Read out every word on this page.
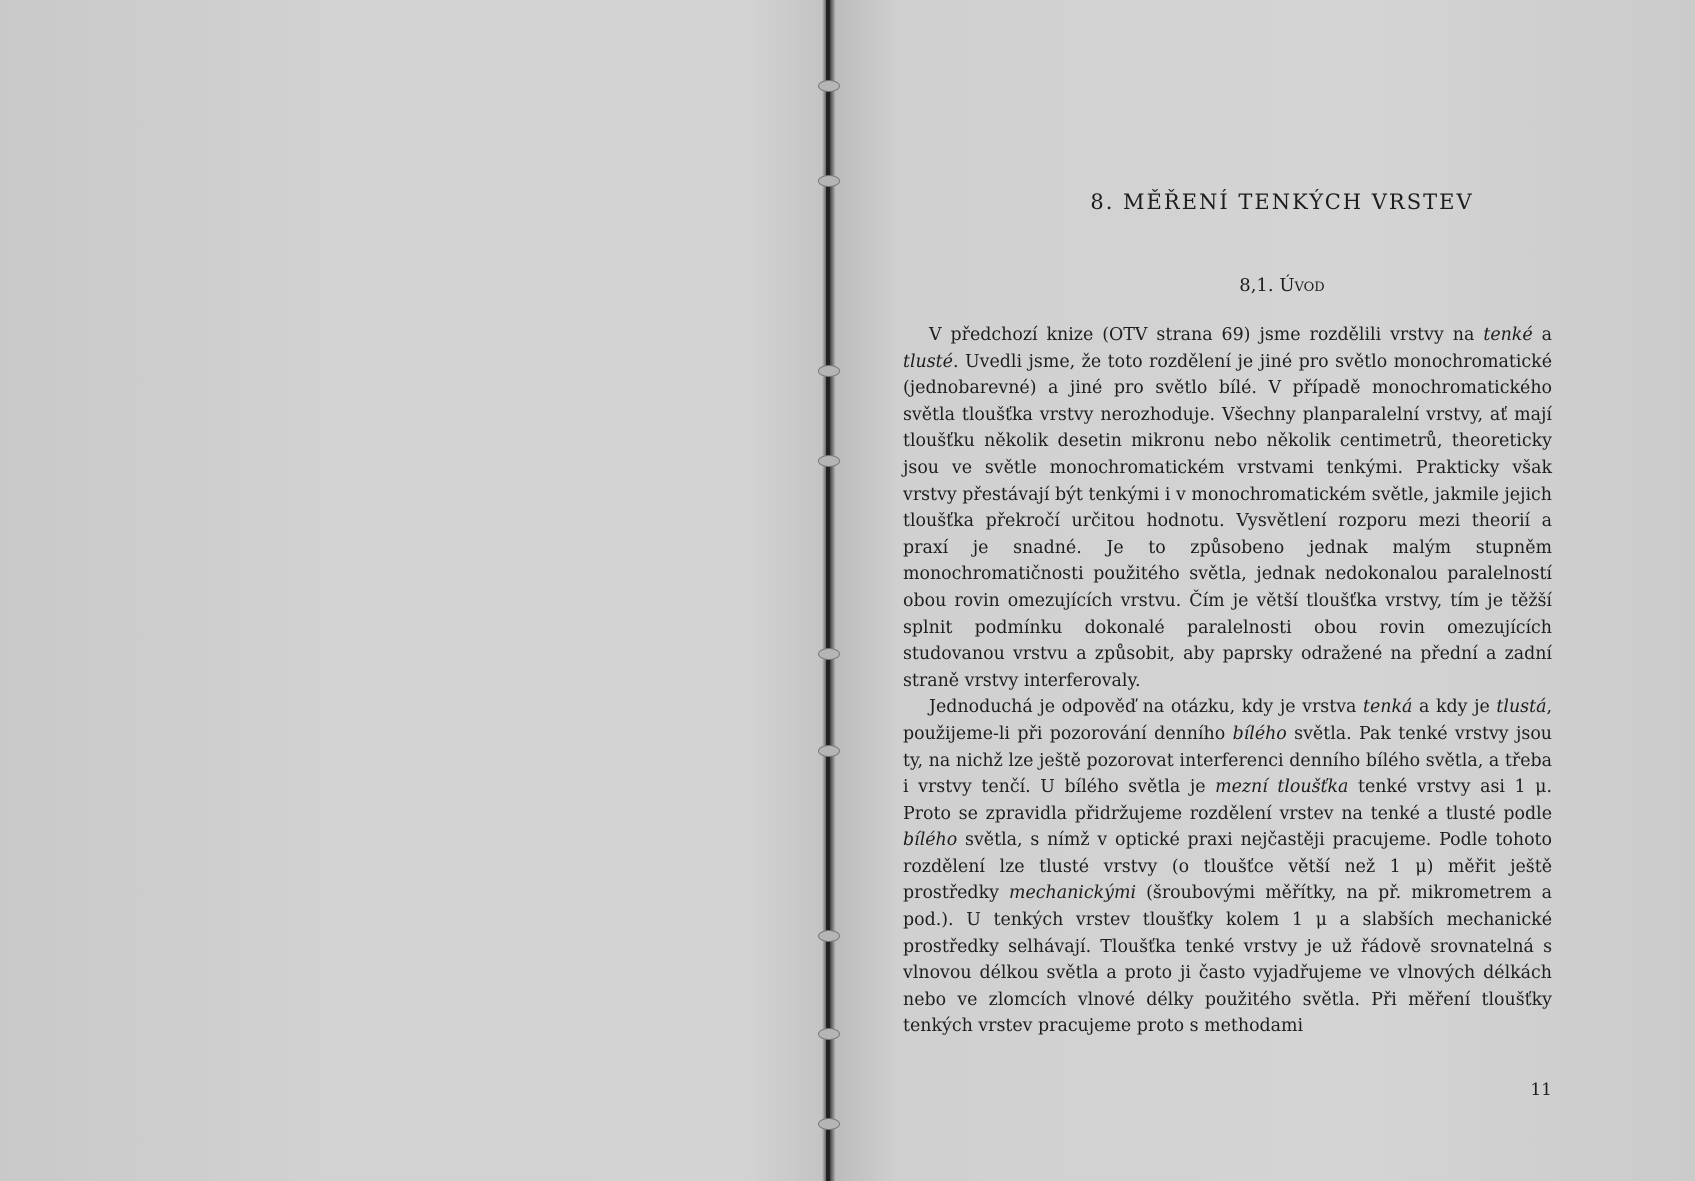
8. MĚŘENÍ TENKÝCH VRSTEV
8,1. Úvod

V předchozí knize (OTV strana 69) jsme rozdělili vrstvy na tenké a tlusté. Uvedli jsme, že toto rozdělení je jiné pro světlo monochromatické (jednobarevné) a jiné pro světlo bílé. V případě monochromatického světla tloušťka vrstvy nerozhoduje. Všechny planparalelní vrstvy, ať mají tloušťku několik desetin mikronu nebo několik centimetrů, theoreticky jsou ve světle monochromatickém vrstvami tenkými. Prakticky však vrstvy přestávají být tenkými i v monochromatickém světle, jakmile jejich tloušťka překročí určitou hodnotu. Vysvětlení rozporu mezi theorií a praxí je snadné. Je to způsobeno jednak malým stupněm monochromatičnosti použitého světla, jednak nedokonalou paralelností obou rovin omezujících vrstvu. Čím je větší tloušťka vrstvy, tím je těžší splnit podmínku dokonalé paralelnosti obou rovin omezujících studovanou vrstvu a způsobit, aby paprsky odražené na přední a zadní straně vrstvy interferovaly.

Jednoduchá je odpověď na otázku, kdy je vrstva tenká a kdy je tlustá, použijeme-li při pozorování denního bílého světla. Pak tenké vrstvy jsou ty, na nichž lze ještě pozorovat interferenci denního bílého světla, a třeba i vrstvy tenčí. U bílého světla je mezní tloušťka tenké vrstvy asi 1 μ. Proto se zpravidla přidržujeme rozdělení vrstev na tenké a tlusté podle bílého světla, s nímž v optické praxi nejčastěji pracujeme. Podle tohoto rozdělení lze tlusté vrstvy (o tloušťce větší než 1 μ) měřit ještě prostředky mechanickými (šroubovými měřítky, na př. mikrometrem a pod.). U tenkých vrstev tloušťky kolem 1 μ a slabších mechanické prostředky selhávají. Tloušťka tenké vrstvy je už řádově srovnatelná s vlnovou délkou světla a proto ji často vyjadřujeme ve vlnových délkách nebo ve zlomcích vlnové délky použitého světla. Při měření tloušťky tenkých vrstev pracujeme proto s methodami

11
